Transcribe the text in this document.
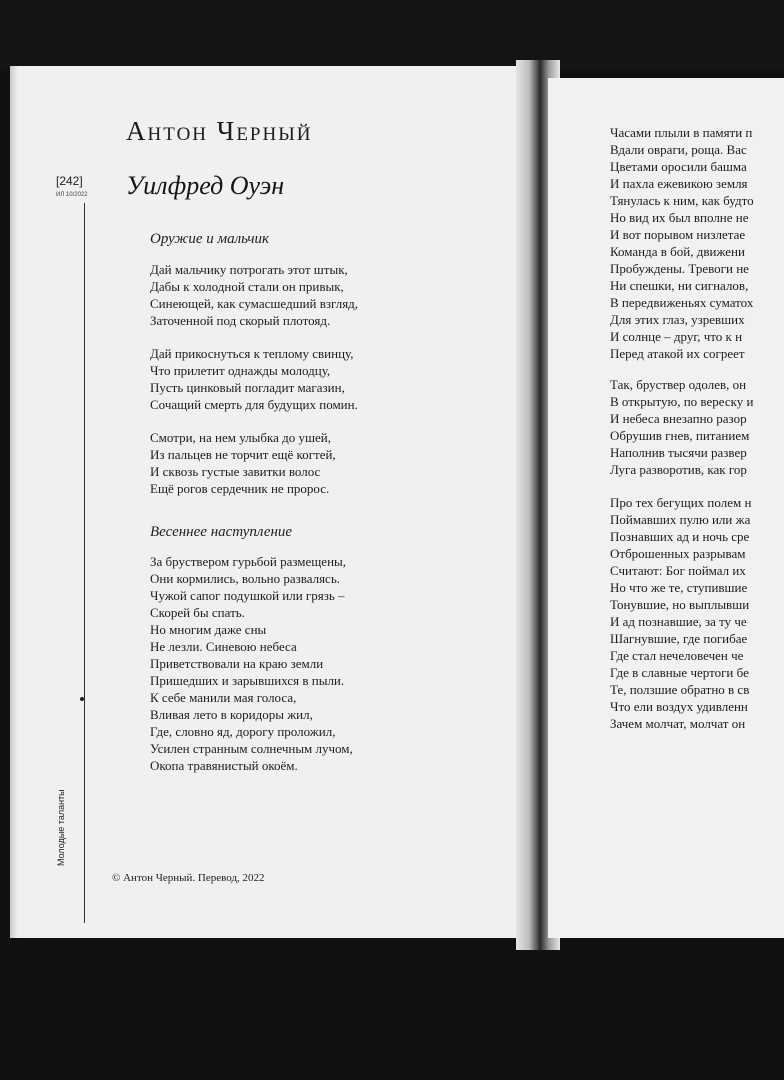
Антон Черный
[242]
ИЛ 10/2022
Молодые таланты
Уилфред Оуэн
Оружие и мальчик
Дай мальчику потрогать этот штык,
Дабы к холодной стали он привык,
Синеющей, как сумасшедший взгляд,
Заточенной под скорый плотояд.
Дай прикоснуться к теплому свинцу,
Что прилетит однажды молодцу,
Пусть цинковый погладит магазин,
Сочащий смерть для будущих помин.
Смотри, на нем улыбка до ушей,
Из пальцев не торчит ещё когтей,
И сквозь густые завитки волос
Ещё рогов сердечник не пророс.
Весеннее наступление
За бруствером гурьбой размещены,
Они кормились, вольно развалясь.
Чужой сапог подушкой или грязь –
Скорей бы спать.
Но многим даже сны
Не лезли. Синевою небеса
Приветствовали на краю земли
Пришедших и зарывшихся в пыли.
К себе манили мая голоса,
Вливая лето в коридоры жил,
Где, словно яд, дорогу проложил,
Усилен странным солнечным лучом,
Окопа травянистый окоём.
© Антон Черный. Перевод, 2022
Часами плыли в памяти п
Вдали овраги, роща. Вас
Цветами оросили башма
И пахла ежевикою земля
Тянулась к ним, как будто
Но вид их был вполне не
И вот порывом низлетае
Команда в бой, движени
Пробуждены. Тревоги не
Ни спешки, ни сигналов,
В передвиженьях суматох
Для этих глаз, узревших
И солнце – друг, что к н
Перед атакой их согреет
Так, бруствер одолев, он
В открытую, по вереску и
И небеса внезапно разор
Обрушив гнев, питанием
Наполнив тысячи развер
Луга разворотив, как гор
Про тех бегущих полем н
Поймавших пулю или жа
Познавших ад и ночь сре
Отброшенных разрывам
Считают: Бог поймал их
Но что же те, ступившие
Тонувшие, но выплывши
И ад познавшие, за ту че
Шагнувшие, где погибае
Где стал нечеловечен че
Где в славные чертоги бе
Те, ползшие обратно в св
Что ели воздух удивленн
Зачем молчат, молчат он
